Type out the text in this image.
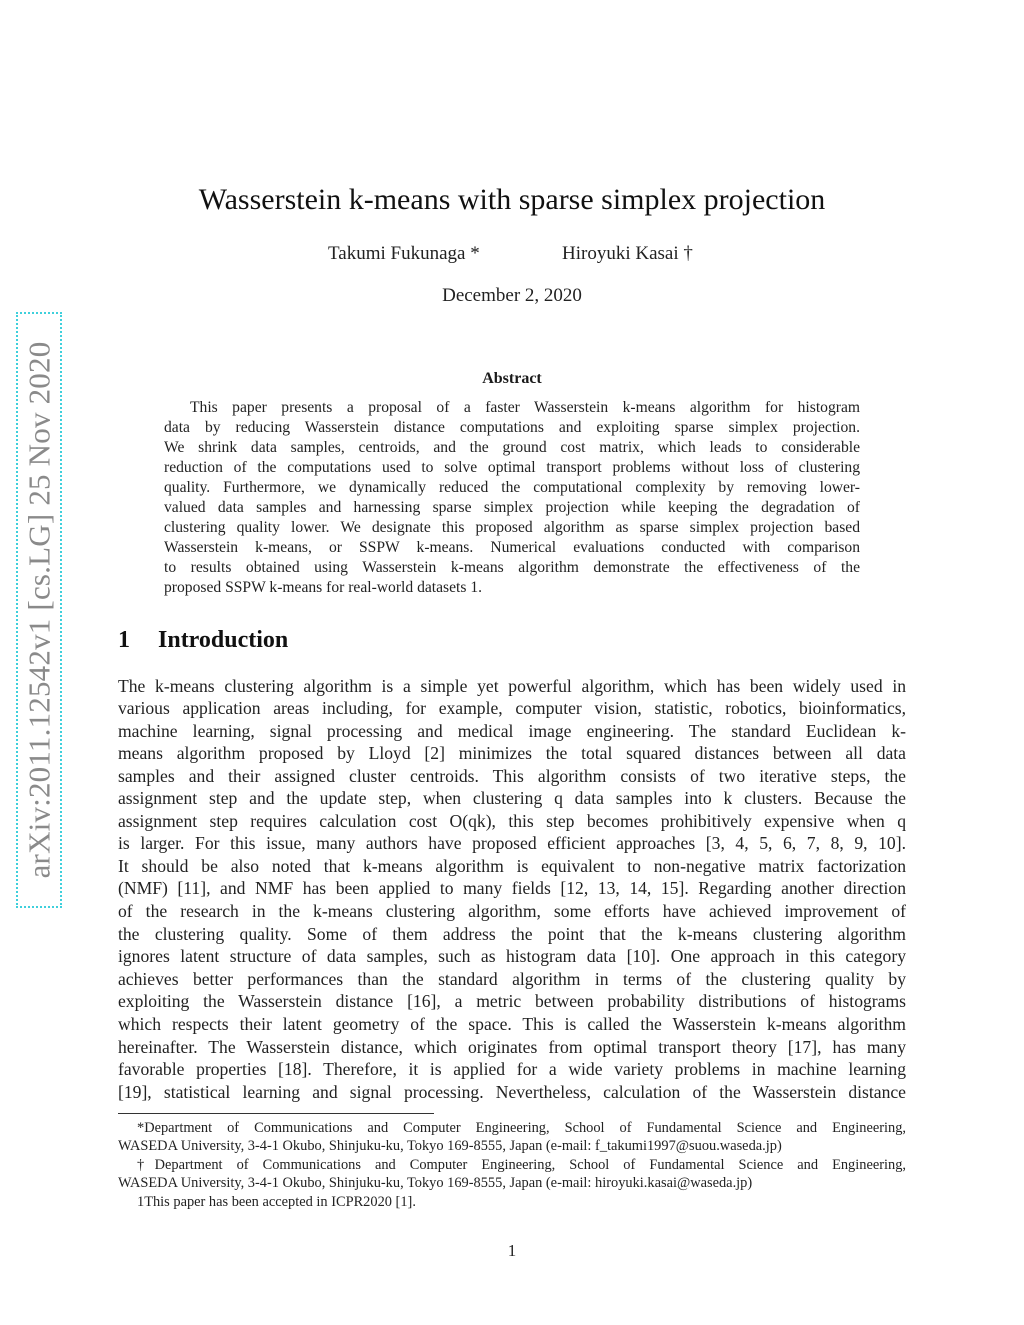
arXiv:2011.12542v1 [cs.LG] 25 Nov 2020
Wasserstein k-means with sparse simplex projection
Takumi Fukunaga *	Hiroyuki Kasai †
December 2, 2020
Abstract
This paper presents a proposal of a faster Wasserstein k-means algorithm for histogram
data by reducing Wasserstein distance computations and exploiting sparse simplex projection.
We shrink data samples, centroids, and the ground cost matrix, which leads to considerable
reduction of the computations used to solve optimal transport problems without loss of clustering
quality. Furthermore, we dynamically reduced the computational complexity by removing lower-
valued data samples and harnessing sparse simplex projection while keeping the degradation of
clustering quality lower. We designate this proposed algorithm as sparse simplex projection based
Wasserstein k-means, or SSPW k-means. Numerical evaluations conducted with comparison
to results obtained using Wasserstein k-means algorithm demonstrate the effectiveness of the
proposed SSPW k-means for real-world datasets 1.
1 Introduction
The k-means clustering algorithm is a simple yet powerful algorithm, which has been widely used in
various application areas including, for example, computer vision, statistic, robotics, bioinformatics,
machine learning, signal processing and medical image engineering. The standard Euclidean k-
means algorithm proposed by Lloyd [2] minimizes the total squared distances between all data
samples and their assigned cluster centroids. This algorithm consists of two iterative steps, the
assignment step and the update step, when clustering q data samples into k clusters. Because the
assignment step requires calculation cost O(qk), this step becomes prohibitively expensive when q
is larger. For this issue, many authors have proposed efficient approaches [3, 4, 5, 6, 7, 8, 9, 10].
It should be also noted that k-means algorithm is equivalent to non-negative matrix factorization
(NMF) [11], and NMF has been applied to many fields [12, 13, 14, 15]. Regarding another direction
of the research in the k-means clustering algorithm, some efforts have achieved improvement of
the clustering quality. Some of them address the point that the k-means clustering algorithm
ignores latent structure of data samples, such as histogram data [10]. One approach in this category
achieves better performances than the standard algorithm in terms of the clustering quality by
exploiting the Wasserstein distance [16], a metric between probability distributions of histograms
which respects their latent geometry of the space. This is called the Wasserstein k-means algorithm
hereinafter. The Wasserstein distance, which originates from optimal transport theory [17], has many
favorable properties [18]. Therefore, it is applied for a wide variety problems in machine learning
[19], statistical learning and signal processing. Nevertheless, calculation of the Wasserstein distance
*Department of Communications and Computer Engineering, School of Fundamental Science and Engineering,
WASEDA University, 3-4-1 Okubo, Shinjuku-ku, Tokyo 169-8555, Japan (e-mail: f_takumi1997@suou.waseda.jp)
†Department of Communications and Computer Engineering, School of Fundamental Science and Engineering,
WASEDA University, 3-4-1 Okubo, Shinjuku-ku, Tokyo 169-8555, Japan (e-mail: hiroyuki.kasai@waseda.jp)
1This paper has been accepted in ICPR2020 [1].
1
